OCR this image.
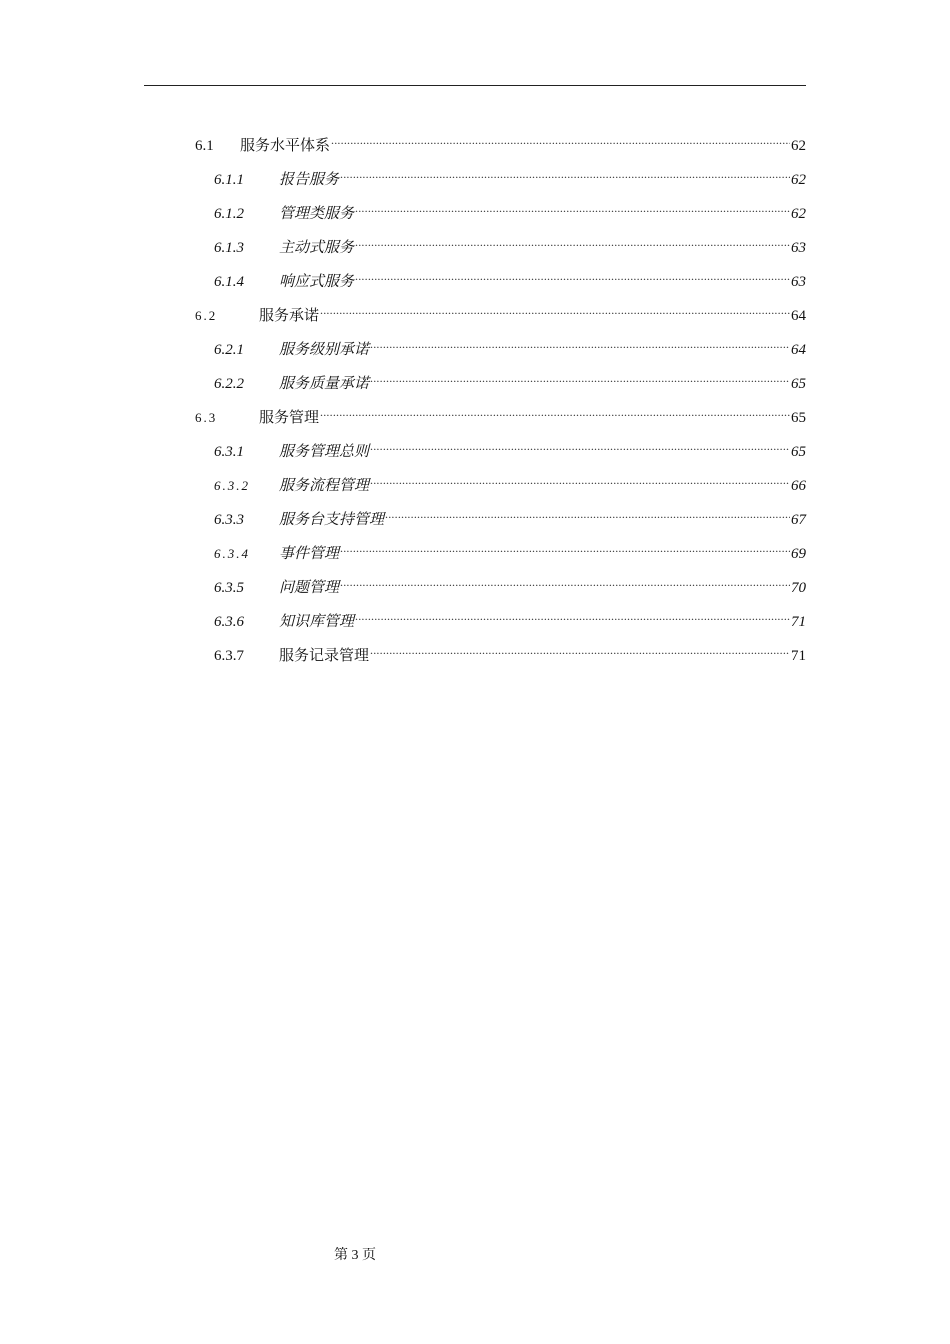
6.1	服务水平体系 .....	62
6.1.1	报告服务 .....	62
6.1.2	管理类服务 .....	62
6.1.3	主动式服务 .....	63
6.1.4	响应式服务 .....	63
6.2	服务承诺 .....	64
6.2.1	服务级别承诺 .....	64
6.2.2	服务质量承诺 .....	65
6.3	服务管理 .....	65
6.3.1	服务管理总则 .....	65
6.3.2	服务流程管理 .....	66
6.3.3	服务台支持管理 .....	67
6.3.4	事件管理 .....	69
6.3.5	问题管理 .....	70
6.3.6	知识库管理 .....	71
6.3.7	服务记录管理 .....	71
第 3 页
